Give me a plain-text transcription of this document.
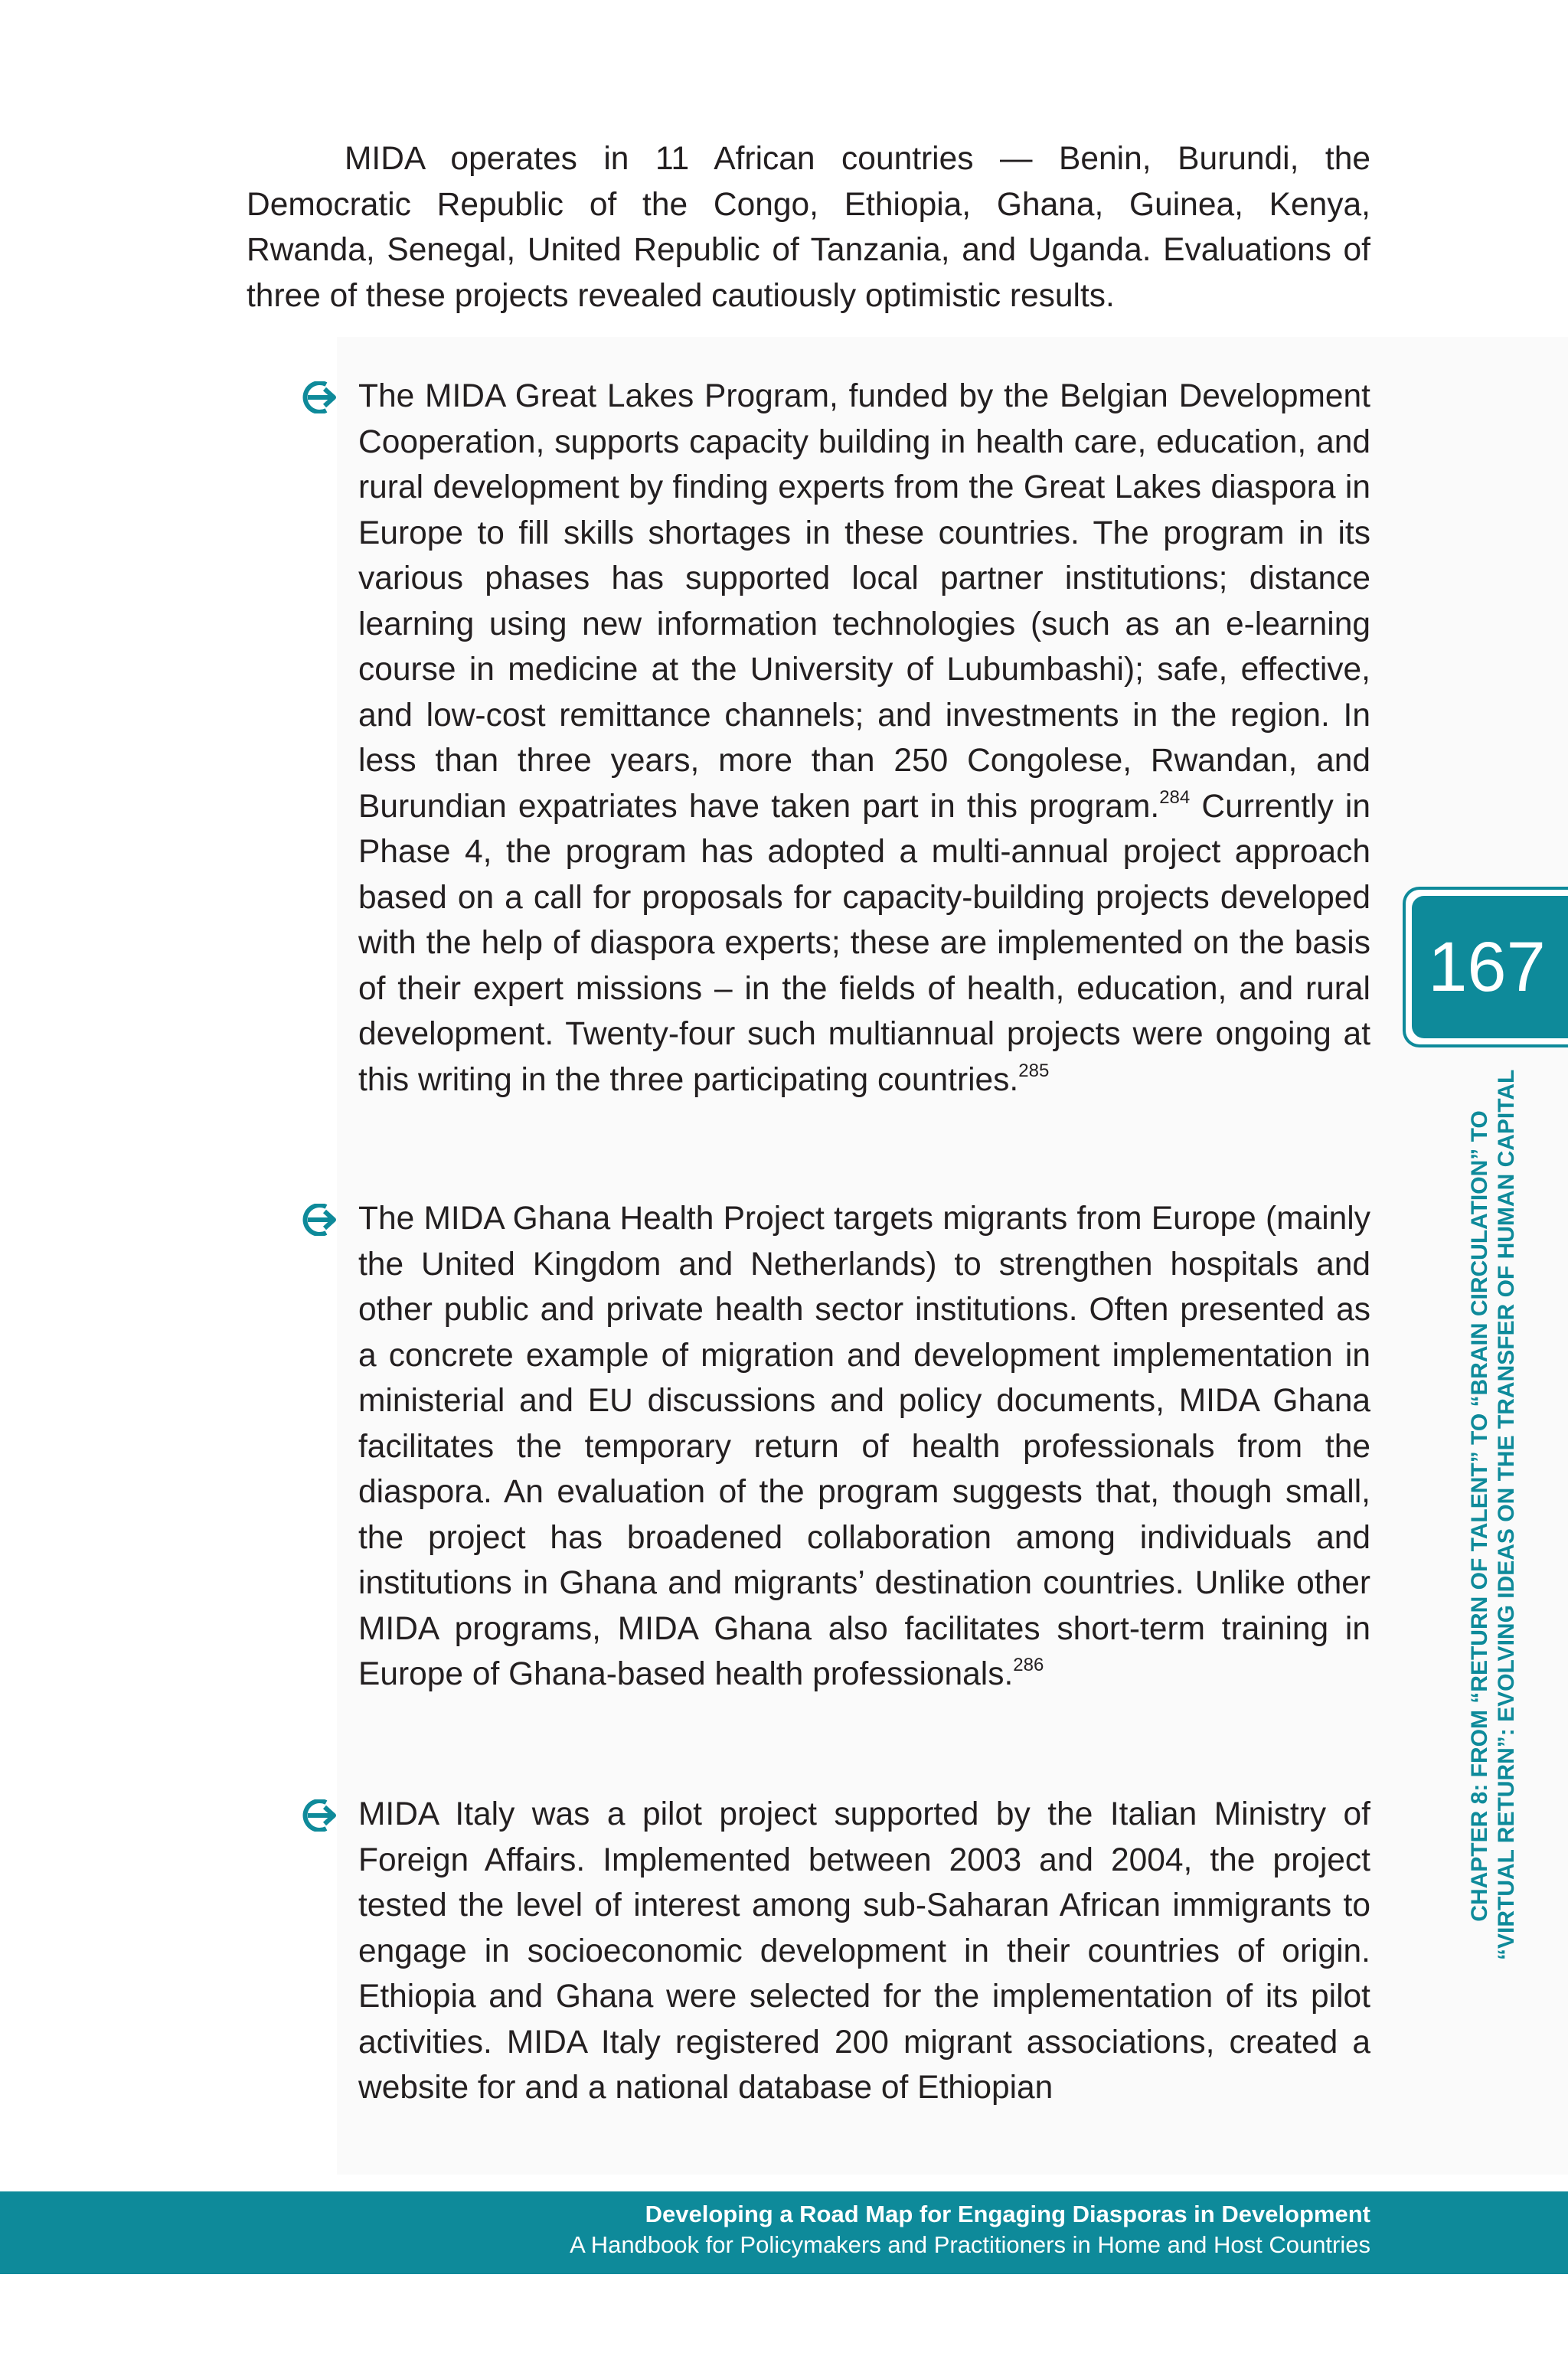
MIDA operates in 11 African countries — Benin, Burundi, the Democratic Republic of the Congo, Ethiopia, Ghana, Guinea, Kenya, Rwanda, Senegal, United Republic of Tanzania, and Uganda. Evaluations of three of these projects revealed cautiously optimistic results.

The MIDA Great Lakes Program, funded by the Belgian Development Cooperation, supports capacity building in health care, education, and rural development by finding experts from the Great Lakes diaspora in Europe to fill skills shortages in these countries. The program in its various phases has supported local partner institutions; distance learning using new information technologies (such as an e-learning course in medicine at the University of Lubumbashi); safe, effective, and low-cost remittance channels; and investments in the region. In less than three years, more than 250 Congolese, Rwandan, and Burundian expatriates have taken part in this program.$^{284}$ Currently in Phase 4, the program has adopted a multi-annual project approach based on a call for proposals for capacity-building projects developed with the help of diaspora experts; these are implemented on the basis of their expert missions – in the fields of health, education, and rural development. Twenty-four such multiannual projects were ongoing at this writing in the three participating countries.$^{285}$

The MIDA Ghana Health Project targets migrants from Europe (mainly the United Kingdom and Netherlands) to strengthen hospitals and other public and private health sector institutions. Often presented as a concrete example of migration and development implementation in ministerial and EU discussions and policy documents, MIDA Ghana facilitates the temporary return of health professionals from the diaspora. An evaluation of the program suggests that, though small, the project has broadened collaboration among individuals and institutions in Ghana and migrants’ destination countries. Unlike other MIDA programs, MIDA Ghana also facilitates short-term training in Europe of Ghana-based health professionals.$^{286}$

MIDA Italy was a pilot project supported by the Italian Ministry of Foreign Affairs. Implemented between 2003 and 2004, the project tested the level of interest among sub-Saharan African immigrants to engage in socioeconomic development in their countries of origin. Ethiopia and Ghana were selected for the implementation of its pilot activities. MIDA Italy registered 200 migrant associations, created a website for and a national database of Ethiopian

167
CHAPTER 8: FROM “RETURN OF TALENT” TO “BRAIN CIRCULATION” TO “VIRTUAL RETURN”: EVOLVING IDEAS ON THE TRANSFER OF HUMAN CAPITAL
Developing a Road Map for Engaging Diasporas in Development
A Handbook for Policymakers and Practitioners in Home and Host Countries
